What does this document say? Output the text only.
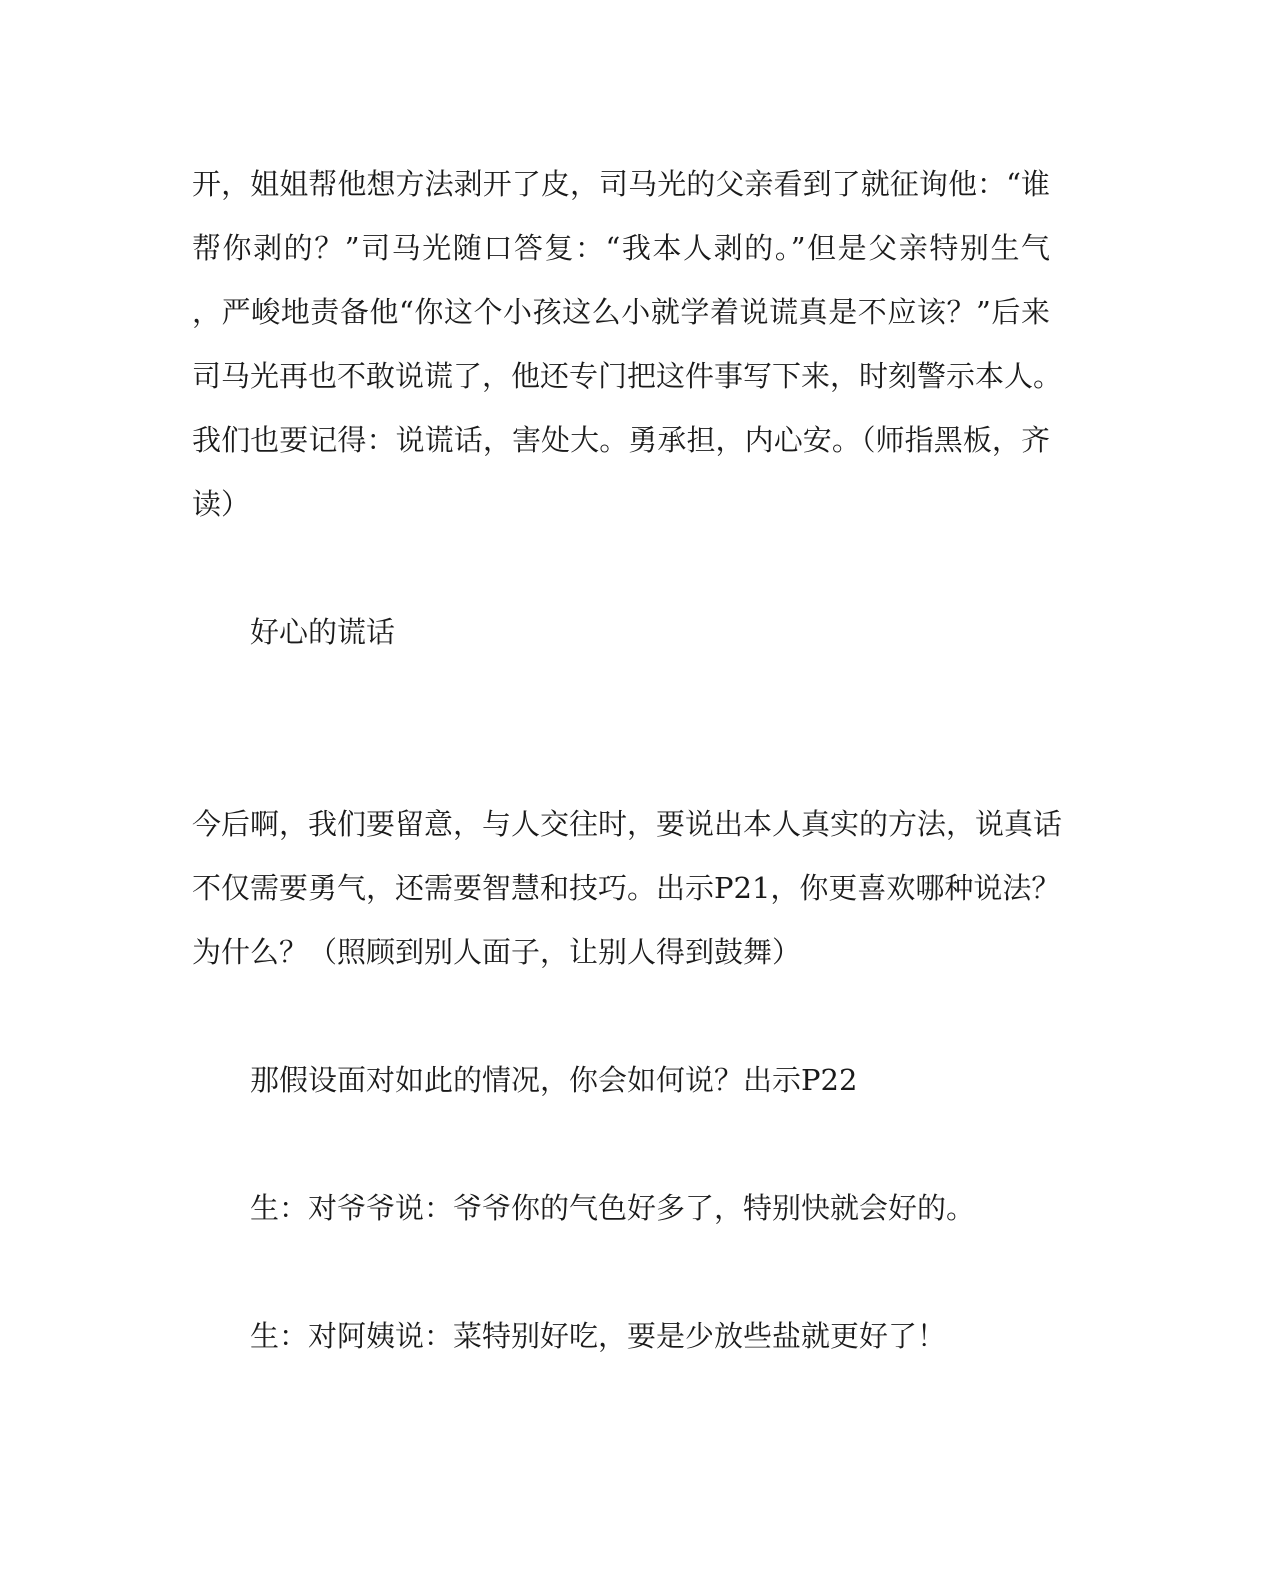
开，姐姐帮他想方法剥开了皮，司马光的父亲看到了就征询他：“谁
帮你剥的？”司马光随口答复：“我本人剥的。”但是父亲特别生气
，严峻地责备他“你这个小孩这么小就学着说谎真是不应该？”后来
司马光再也不敢说谎了，他还专门把这件事写下来，时刻警示本人。
我们也要记得：说谎话，害处大。勇承担，内心安。（师指黑板，齐
读）
好心的谎话
今后啊，我们要留意，与人交往时，要说出本人真实的方法，说真话
不仅需要勇气，还需要智慧和技巧。出示P21，你更喜欢哪种说法？
为什么？（照顾到别人面子，让别人得到鼓舞）
那假设面对如此的情况，你会如何说？出示P22
生：对爷爷说：爷爷你的气色好多了，特别快就会好的。
生：对阿姨说：菜特别好吃，要是少放些盐就更好了！
